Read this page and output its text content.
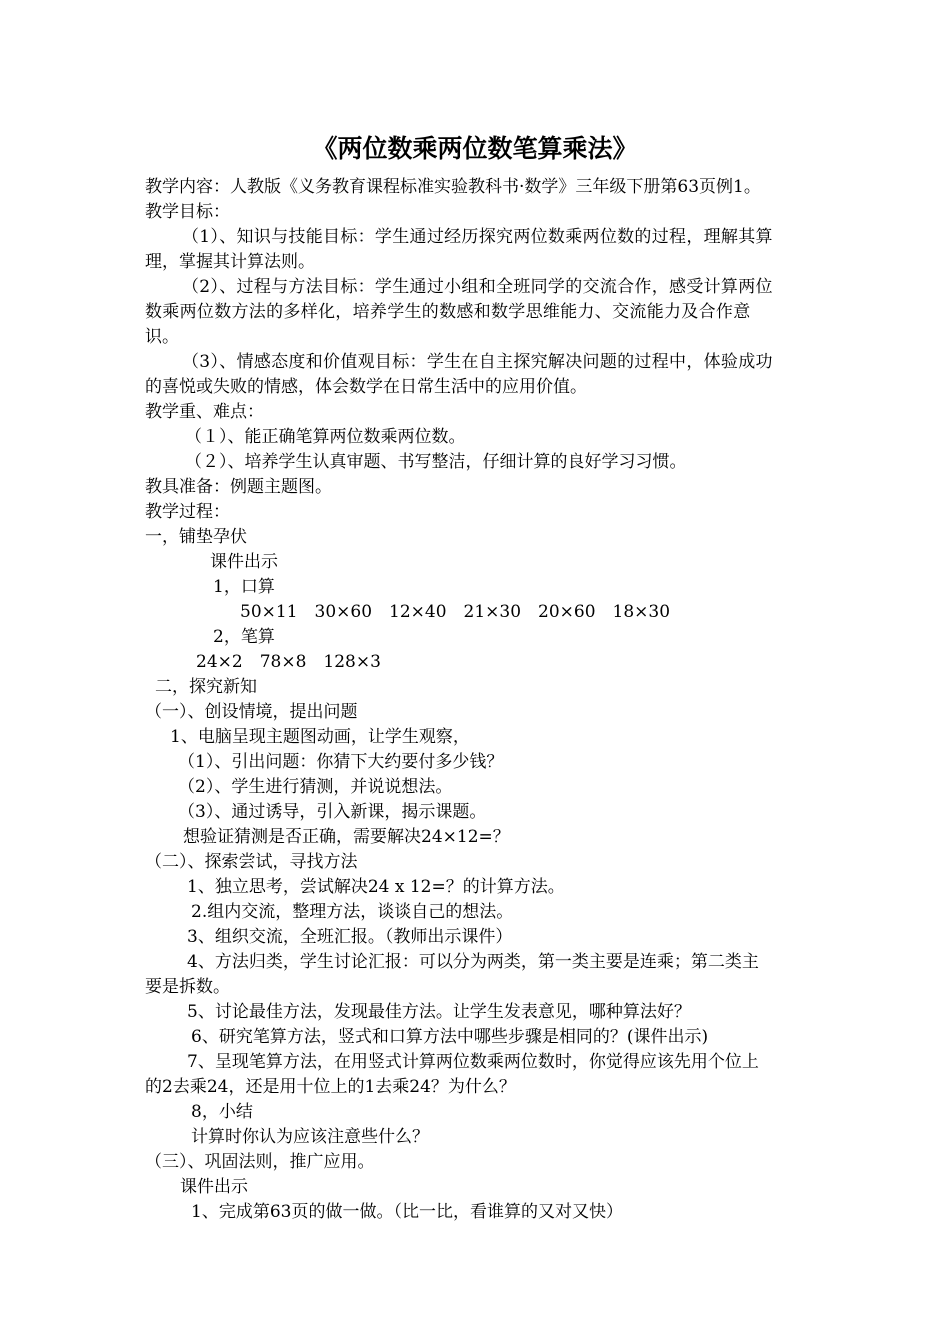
《两位数乘两位数笔算乘法》
教学内容：人教版《义务教育课程标准实验教科书·数学》三年级下册第63页例1。
教学目标：
（1）、知识与技能目标：学生通过经历探究两位数乘两位数的过程，理解其算
理，掌握其计算法则。
（2）、过程与方法目标：学生通过小组和全班同学的交流合作，感受计算两位
数乘两位数方法的多样化，培养学生的数感和数学思维能力、交流能力及合作意
识。
（3）、情感态度和价值观目标：学生在自主探究解决问题的过程中，体验成功
的喜悦或失败的情感，体会数学在日常生活中的应用价值。
教学重、难点：
（１）、能正确笔算两位数乘两位数。
（２）、培养学生认真审题、书写整洁，仔细计算的良好学习习惯。
教具准备：例题主题图。
教学过程：
一，铺垫孕伏
课件出示
1，口算
50×11　30×60　12×40　21×30　20×60　18×30
2，笔算
24×2　78×8　128×3
二，探究新知
（一）、创设情境，提出问题
1、电脑呈现主题图动画，让学生观察，
（1）、引出问题：你猜下大约要付多少钱？
（2）、学生进行猜测，并说说想法。
（3）、通过诱导，引入新课，揭示课题。
想验证猜测是否正确，需要解决24×12=？
（二）、探索尝试，寻找方法
1、独立思考，尝试解决24 x 12=？的计算方法。
2.组内交流，整理方法，谈谈自己的想法。
3、组织交流，全班汇报。（教师出示课件）
4、方法归类，学生讨论汇报：可以分为两类，第一类主要是连乘；第二类主
要是拆数。
5、讨论最佳方法，发现最佳方法。让学生发表意见，哪种算法好？
6、研究笔算方法，竖式和口算方法中哪些步骤是相同的？(课件出示)
7、呈现笔算方法，在用竖式计算两位数乘两位数时，你觉得应该先用个位上
的2去乘24，还是用十位上的1去乘24？为什么？
8，小结
计算时你认为应该注意些什么？
（三）、巩固法则，推广应用。
课件出示
1、完成第63页的做一做。（比一比，看谁算的又对又快）
